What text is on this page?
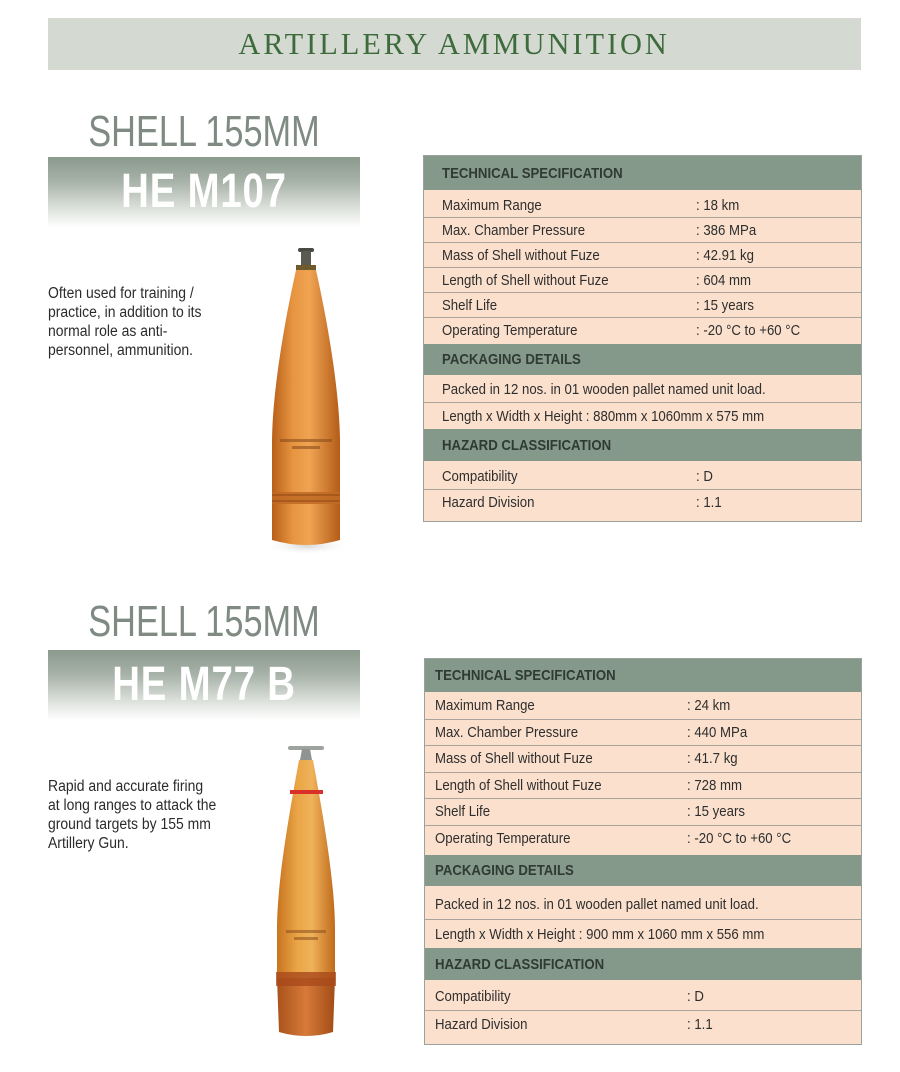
ARTILLERY AMMUNITION
SHELL 155MM
HE M107
Often used for training /
practice, in addition to its
normal role as anti-
personnel, ammunition.
TECHNICAL SPECIFICATION
Maximum Range	: 18 km
Max. Chamber Pressure	: 386 MPa
Mass of Shell without Fuze	: 42.91 kg
Length of Shell without Fuze	: 604 mm
Shelf Life	: 15 years
Operating Temperature	: -20 °C to +60 °C
PACKAGING DETAILS
Packed in 12 nos. in 01 wooden pallet named unit load.
Length x Width x Height : 880mm x 1060mm x 575 mm
HAZARD CLASSIFICATION
Compatibility	: D
Hazard Division	: 1.1
SHELL 155MM
HE M77 B
Rapid and accurate firing
at long ranges to attack the
ground targets by 155 mm
Artillery Gun.
TECHNICAL SPECIFICATION
Maximum Range	: 24 km
Max. Chamber Pressure	: 440 MPa
Mass of Shell without Fuze	: 41.7 kg
Length of Shell without Fuze	: 728 mm
Shelf Life	: 15 years
Operating Temperature	: -20 °C to +60 °C
PACKAGING DETAILS
Packed in 12 nos. in 01 wooden pallet named unit load.
Length x Width x Height : 900 mm x 1060 mm x 556 mm
HAZARD CLASSIFICATION
Compatibility	: D
Hazard Division	: 1.1
